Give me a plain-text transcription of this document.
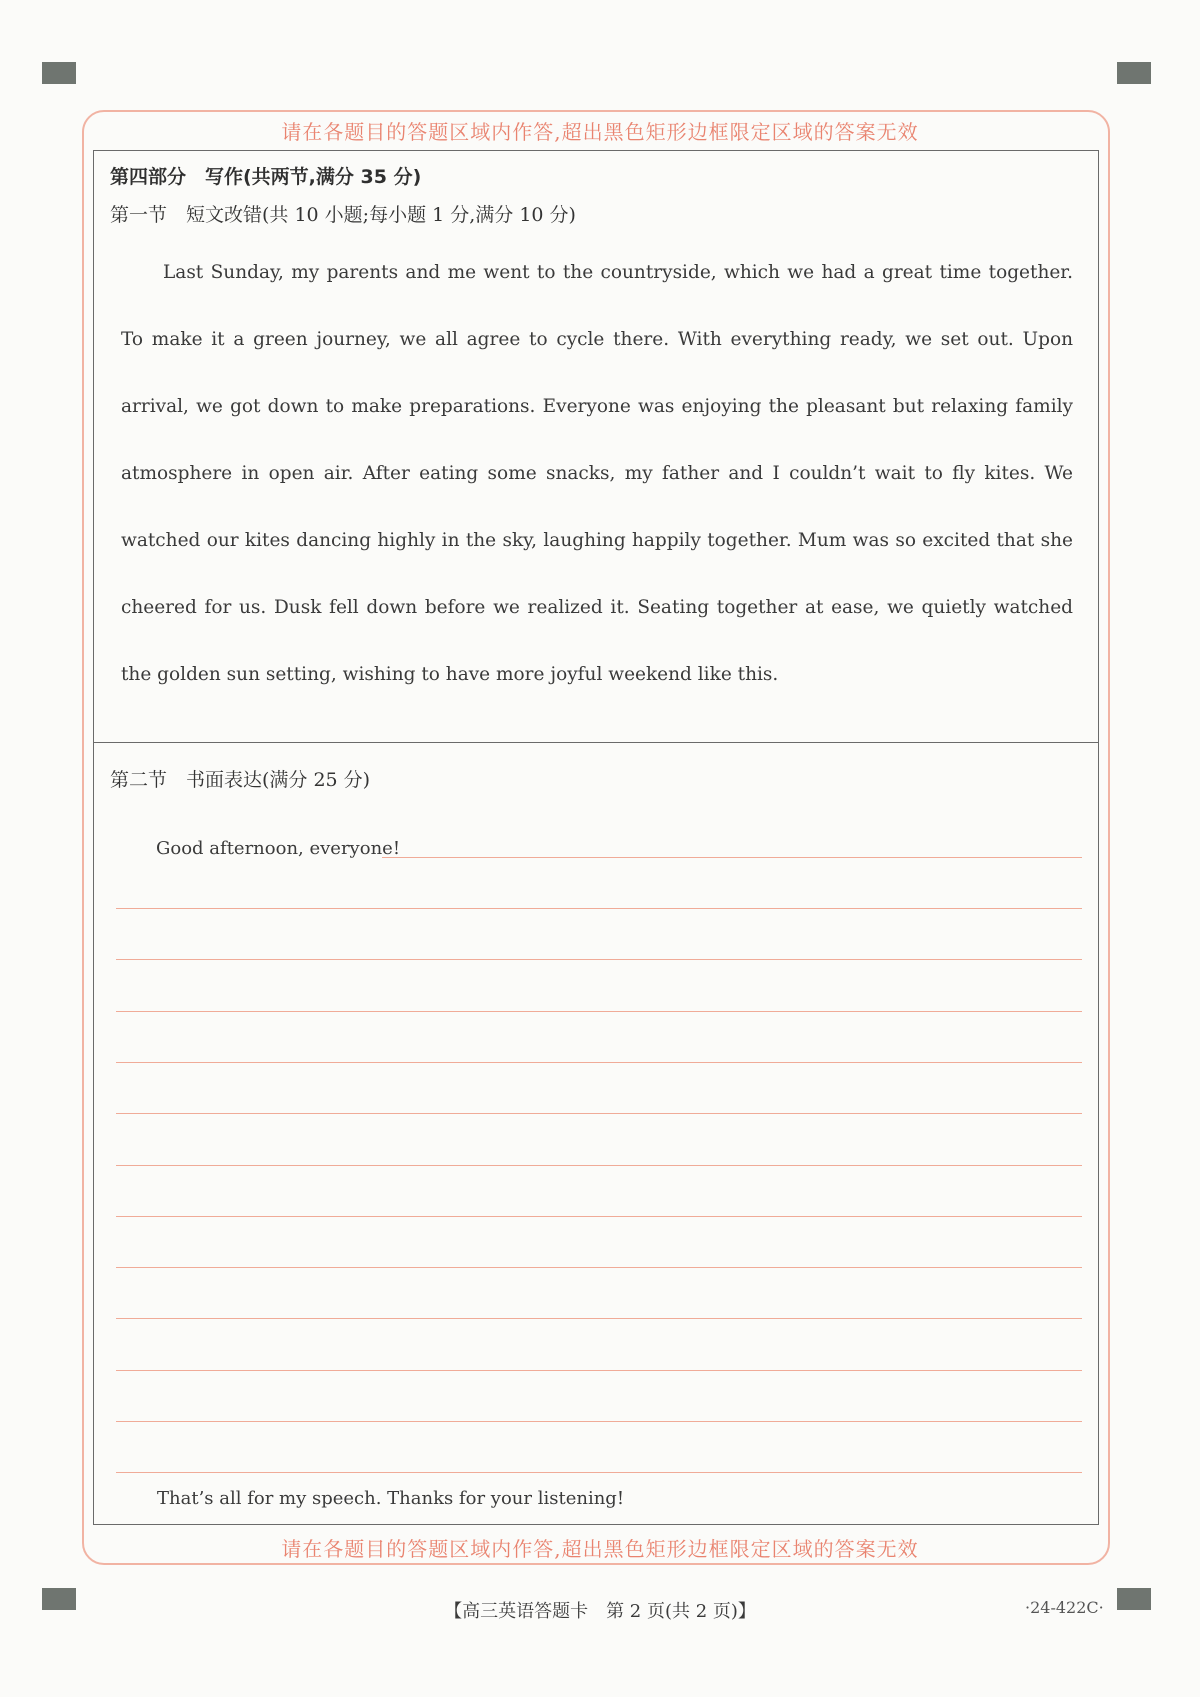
请在各题目的答题区域内作答,超出黑色矩形边框限定区域的答案无效
请在各题目的答题区域内作答,超出黑色矩形边框限定区域的答案无效
第四部分　写作(共两节,满分 35 分)
第一节　短文改错(共 10 小题;每小题 1 分,满分 10 分)

Last Sunday, my parents and me went to the countryside, which we had a great time together. To make it a green journey, we all agree to cycle there. With everything ready, we set out. Upon arrival, we got down to make preparations. Everyone was enjoying the pleasant but relaxing family atmosphere in open air. After eating some snacks, my father and I couldn’t wait to fly kites. We watched our kites dancing highly in the sky, laughing happily together. Mum was so excited that she cheered for us. Dusk fell down before we realized it. Seating together at ease, we quietly watched the golden sun setting, wishing to have more joyful weekend like this.

第二节　书面表达(满分 25 分)
Good afternoon, everyone!
That’s all for my speech. Thanks for your listening!
【高三英语答题卡　第 2 页(共 2 页)】	·24-422C·
